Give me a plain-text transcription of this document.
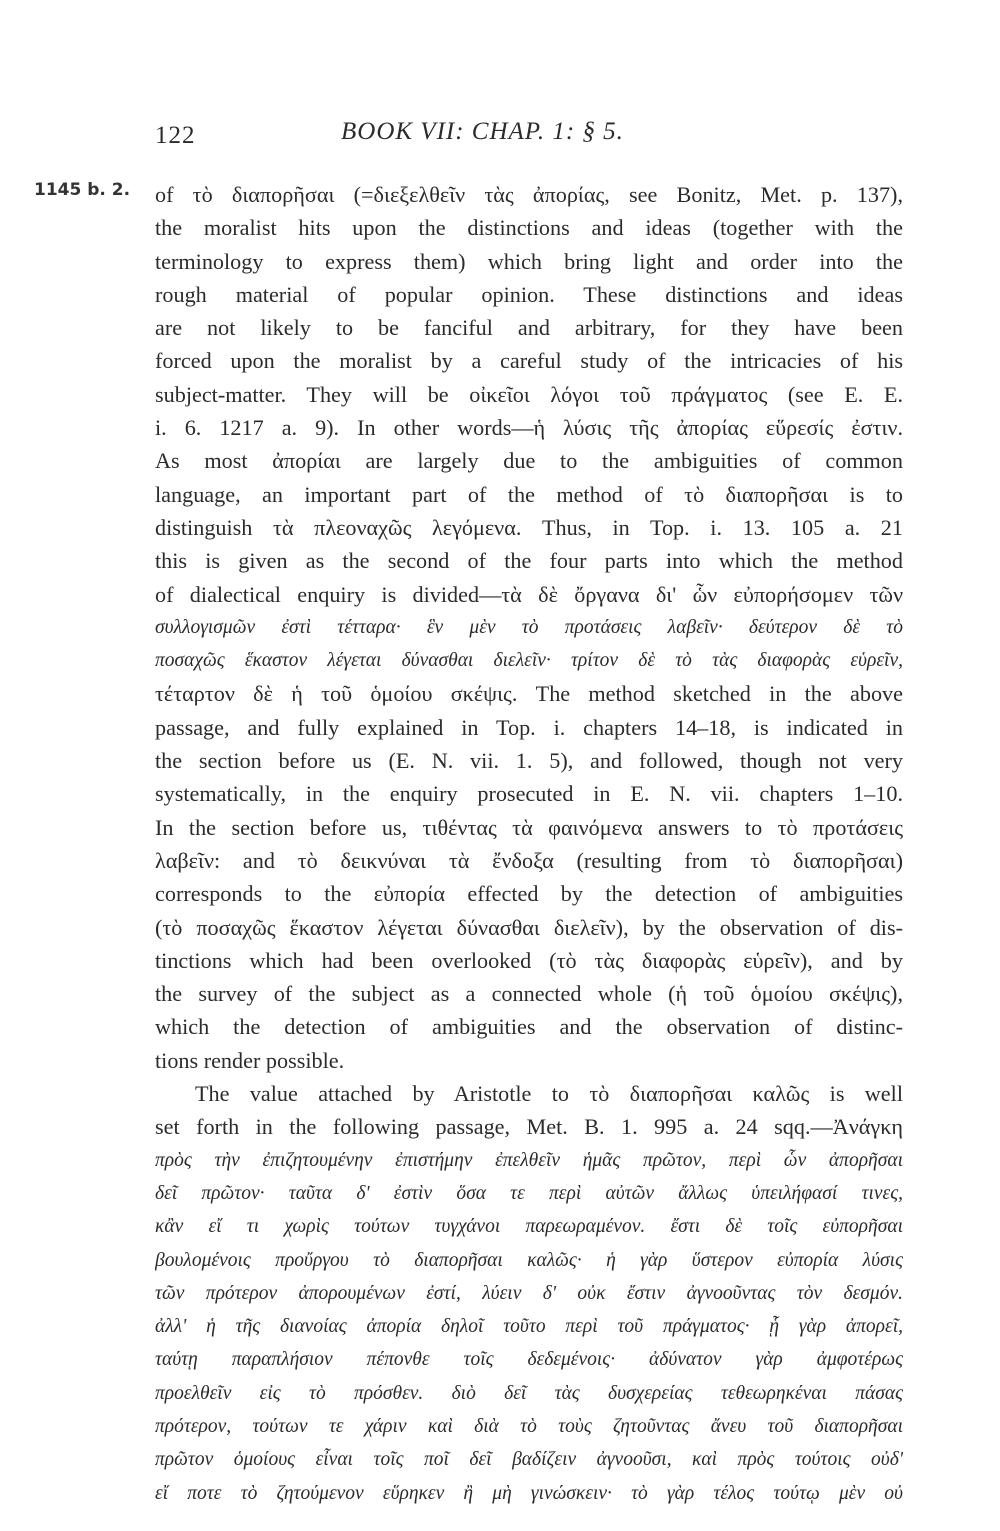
122	BOOK VII: CHAP. 1: § 5.
1145 b. 2. of τὸ διαπορῆσαι (=διεξελθεῖν τὰς ἀπορίας, see Bonitz, Met. p. 137),
the moralist hits upon the distinctions and ideas (together with the
terminology to express them) which bring light and order into the
rough material of popular opinion. These distinctions and ideas
are not likely to be fanciful and arbitrary, for they have been
forced upon the moralist by a careful study of the intricacies of his
subject-matter. They will be οἰκεῖοι λόγοι τοῦ πράγματος (see E. E.
i. 6. 1217 a. 9). In other words—ἡ λύσις τῆς ἀπορίας εὕρεσίς ἐστιν.
As most ἀπορίαι are largely due to the ambiguities of common
language, an important part of the method of τὸ διαπορῆσαι is to
distinguish τὰ πλεοναχῶς λεγόμενα. Thus, in Top. i. 13. 105 a. 21
this is given as the second of the four parts into which the method
of dialectical enquiry is divided—τὰ δὲ ὄργανα δι' ὧν εὐπορήσομεν τῶν
συλλογισμῶν ἐστὶ τέτταρα· ἓν μὲν τὸ προτάσεις λαβεῖν· δεύτερον δὲ τὸ
ποσαχῶς ἕκαστον λέγεται δύνασθαι διελεῖν· τρίτον δὲ τὸ τὰς διαφορὰς εὑρεῖν,
τέταρτον δὲ ἡ τοῦ ὁμοίου σκέψις. The method sketched in the above
passage, and fully explained in Top. i. chapters 14–18, is indicated in
the section before us (E. N. vii. 1. 5), and followed, though not very
systematically, in the enquiry prosecuted in E. N. vii. chapters 1–10.
In the section before us, τιθέντας τὰ φαινόμενα answers to τὸ προτάσεις
λαβεῖν: and τὸ δεικνύναι τὰ ἔνδοξα (resulting from τὸ διαπορῆσαι)
corresponds to the εὐπορία effected by the detection of ambiguities
(τὸ ποσαχῶς ἕκαστον λέγεται δύνασθαι διελεῖν), by the observation of dis-
tinctions which had been overlooked (τὸ τὰς διαφορὰς εὑρεῖν), and by
the survey of the subject as a connected whole (ἡ τοῦ ὁμοίου σκέψις),
which the detection of ambiguities and the observation of distinc-
tions render possible.
The value attached by Aristotle to τὸ διαπορῆσαι καλῶς is well
set forth in the following passage, Met. B. 1. 995 a. 24 sqq.—Ἀνάγκη
πρὸς τὴν ἐπιζητουμένην ἐπιστήμην ἐπελθεῖν ἡμᾶς πρῶτον, περὶ ὧν ἀπορῆσαι
δεῖ πρῶτον· ταῦτα δ' ἐστὶν ὅσα τε περὶ αὐτῶν ἄλλως ὑπειλήφασί τινες,
κἂν εἴ τι χωρὶς τούτων τυγχάνοι παρεωραμένον. ἔστι δὲ τοῖς εὐπορῆσαι
βουλομένοις προὔργου τὸ διαπορῆσαι καλῶς· ἡ γὰρ ὕστερον εὐπορία λύσις
τῶν πρότερον ἀπορουμένων ἐστί, λύειν δ' οὐκ ἔστιν ἀγνοοῦντας τὸν δεσμόν.
ἀλλ' ἡ τῆς διανοίας ἀπορία δηλοῖ τοῦτο περὶ τοῦ πράγματος· ᾗ γὰρ ἀπορεῖ,
ταύτῃ παραπλήσιον πέπονθε τοῖς δεδεμένοις· ἀδύνατον γὰρ ἀμφοτέρως
προελθεῖν εἰς τὸ πρόσθεν. διὸ δεῖ τὰς δυσχερείας τεθεωρηκέναι πάσας
πρότερον, τούτων τε χάριν καὶ διὰ τὸ τοὺς ζητοῦντας ἄνευ τοῦ διαπορῆσαι
πρῶτον ὁμοίους εἶναι τοῖς ποῖ δεῖ βαδίζειν ἀγνοοῦσι, καὶ πρὸς τούτοις οὐδ'
εἴ ποτε τὸ ζητούμενον εὕρηκεν ἢ μὴ γινώσκειν· τὸ γὰρ τέλος τούτῳ μὲν οὐ
